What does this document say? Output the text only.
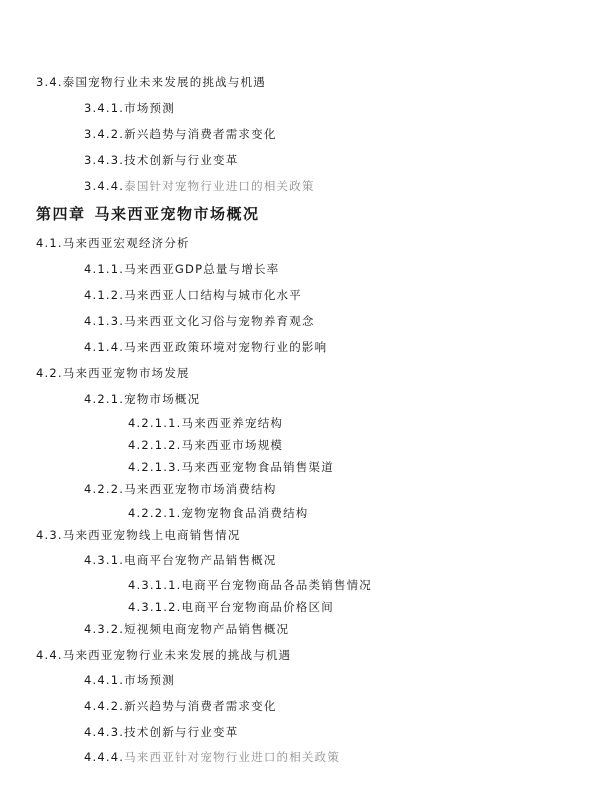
3.4.泰国宠物行业未来发展的挑战与机遇
3.4.1.市场预测
3.4.2.新兴趋势与消费者需求变化
3.4.3.技术创新与行业变革
3.4.4.泰国针对宠物行业进口的相关政策
第四章  马来西亚宠物市场概况
4.1.马来西亚宏观经济分析
4.1.1.马来西亚GDP总量与增长率
4.1.2.马来西亚人口结构与城市化水平
4.1.3.马来西亚文化习俗与宠物养育观念
4.1.4.马来西亚政策环境对宠物行业的影响
4.2.马来西亚宠物市场发展
4.2.1.宠物市场概况
4.2.1.1.马来西亚养宠结构
4.2.1.2.马来西亚市场规模
4.2.1.3.马来西亚宠物食品销售渠道
4.2.2.马来西亚宠物市场消费结构
4.2.2.1.宠物宠物食品消费结构
4.3.马来西亚宠物线上电商销售情况
4.3.1.电商平台宠物产品销售概况
4.3.1.1.电商平台宠物商品各品类销售情况
4.3.1.2.电商平台宠物商品价格区间
4.3.2.短视频电商宠物产品销售概况
4.4.马来西亚宠物行业未来发展的挑战与机遇
4.4.1.市场预测
4.4.2.新兴趋势与消费者需求变化
4.4.3.技术创新与行业变革
4.4.4.马来西亚针对宠物行业进口的相关政策
